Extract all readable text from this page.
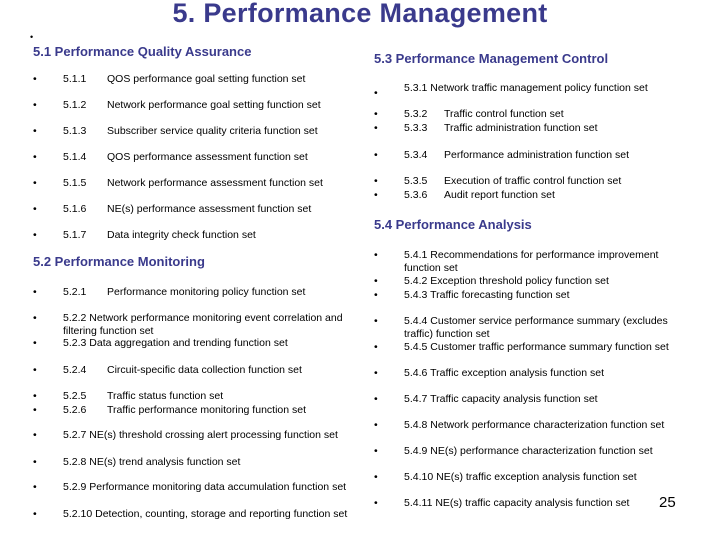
5. Performance Management
•
5.1 Performance Quality Assurance
•	5.1.1 QOS performance goal setting function set
•	5.1.2 Network performance goal setting function set
•	5.1.3 Subscriber service quality criteria function set
•	5.1.4 QOS performance assessment function set
•	5.1.5 Network performance assessment function set
•	5.1.6 NE(s) performance assessment function set
•	5.1.7 Data integrity check function set
5.2 Performance Monitoring
•	5.2.1 Performance monitoring policy function set
•
•
5.2.2 Network performance monitoring event correlation and filtering function set
5.2.3 Data aggregation and trending function set
•	5.2.4 Circuit-specific data collection function set
•	5.2.5 Traffic status function set
•	5.2.6 Traffic performance monitoring function set
•
•
5.2.7 NE(s) threshold crossing alert processing function set
5.2.8 NE(s) trend analysis function set
•
•
5.2.9 Performance monitoring data accumulation function set
5.2.10 Detection, counting, storage and reporting function set
5.3 Performance Management Control
•	5.3.1 Network traffic management policy function set
•	5.3.2 Traffic control function set
•	5.3.3 Traffic administration function set
•	5.3.4 Performance administration function set
•	5.3.5 Execution of traffic control function set
•	5.3.6 Audit report function set
5.4 Performance Analysis
•
•
•
5.4.1 Recommendations for performance improvement function set
5.4.2 Exception threshold policy function set
5.4.3 Traffic forecasting function set
•
•
•
5.4.4 Customer service performance summary (excludes traffic) function set
5.4.5 Customer traffic performance summary function set
5.4.6 Traffic exception analysis function set
•	5.4.7 Traffic capacity analysis function set
•
•
•
5.4.8 Network performance characterization function set
5.4.9 NE(s) performance characterization function set
5.4.10 NE(s) traffic exception analysis function set
•	5.4.11 NE(s) traffic capacity analysis function set	25
